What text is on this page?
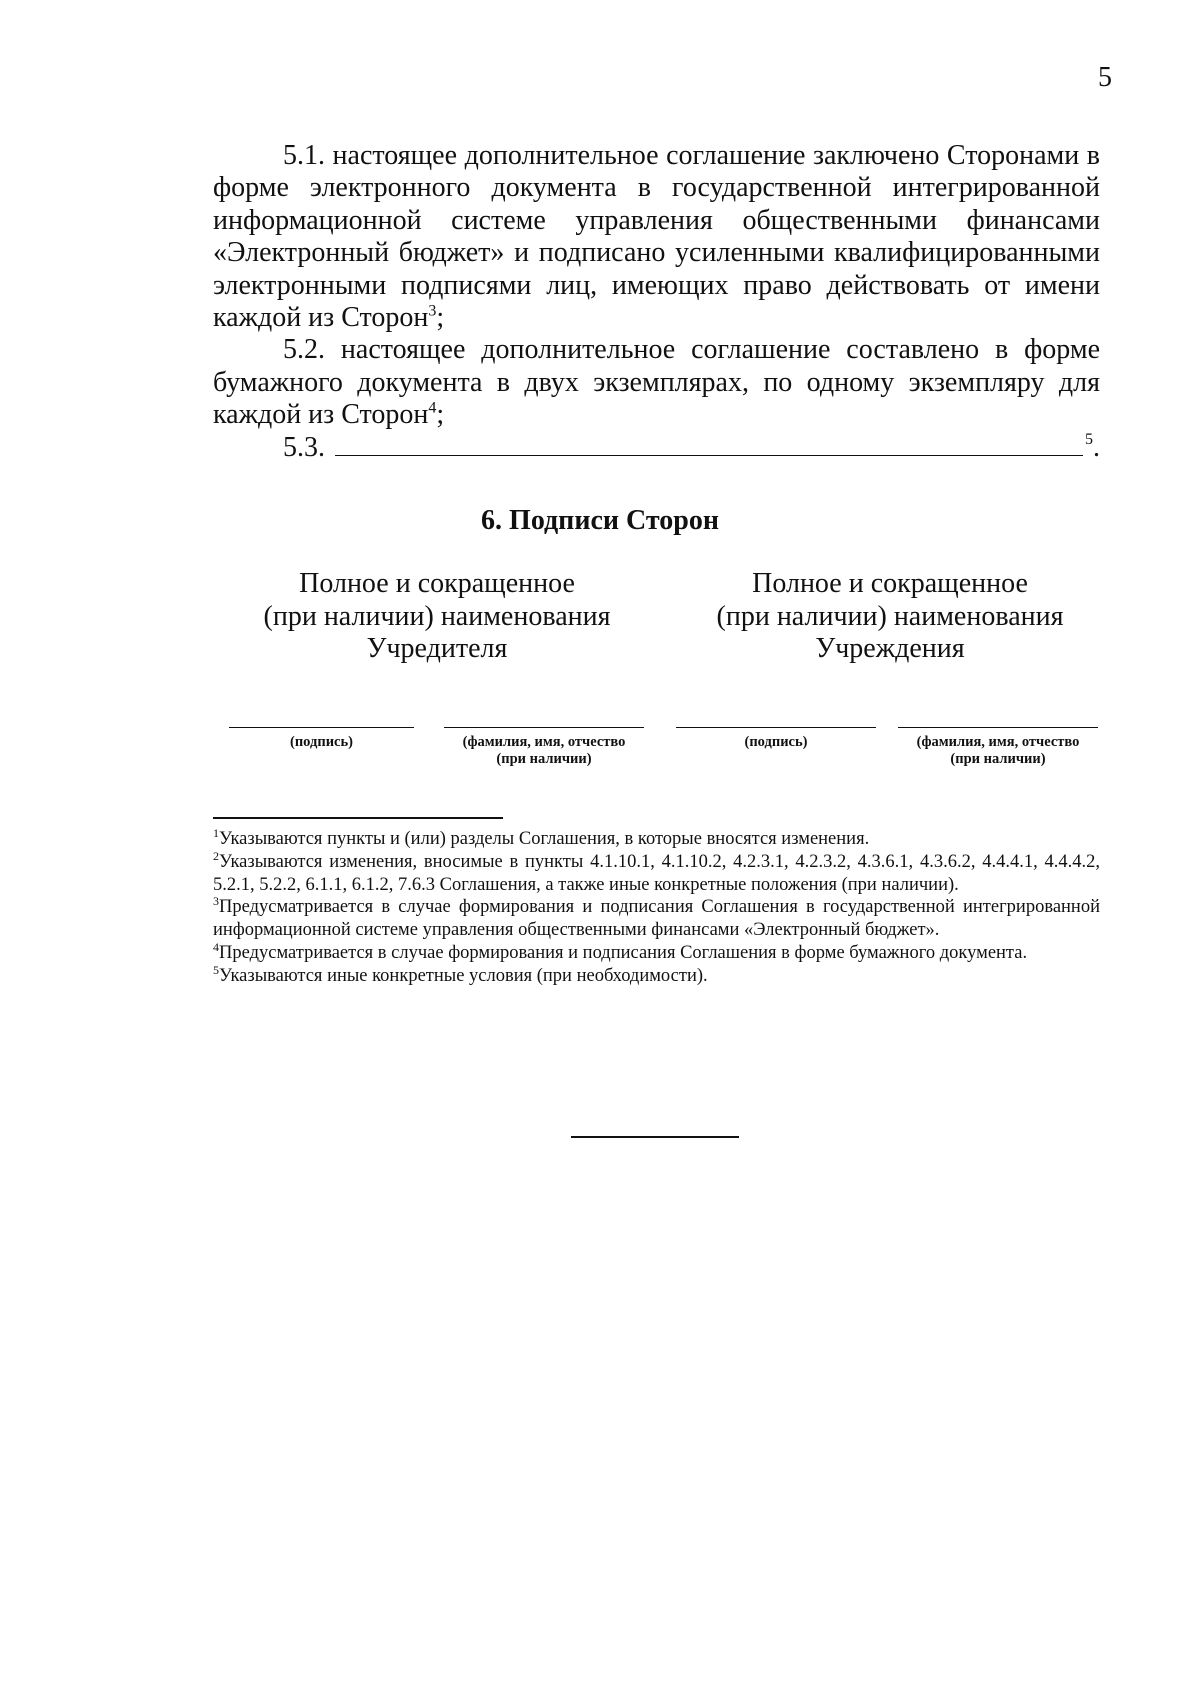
5

5.1. настоящее дополнительное соглашение заключено Сторонами в форме электронного документа в государственной интегрированной информационной системе управления общественными финансами «Электронный бюджет» и подписано усиленными квалифицированными электронными подписями лиц, имеющих право действовать от имени каждой из Сторон$^3$;

5.2. настоящее дополнительное соглашение составлено в форме бумажного документа в двух экземплярах, по одному экземпляру для каждой из Сторон$^4$;

5.3.	5 .

6. Подписи Сторон
Полное и сокращенное
(при наличии) наименования
Учредителя
Полное и сокращенное
(при наличии) наименования
Учреждения
(подпись)	(фамилия, имя, отчество
(при наличии)
(подпись)	(фамилия, имя, отчество
(при наличии)

$^1$Указываются пункты и (или) разделы Соглашения, в которые вносятся изменения.

$^2$Указываются изменения, вносимые в пункты 4.1.10.1, 4.1.10.2, 4.2.3.1, 4.2.3.2, 4.3.6.1, 4.3.6.2, 4.4.4.1, 4.4.4.2, 5.2.1, 5.2.2, 6.1.1, 6.1.2, 7.6.3 Соглашения, а также иные конкретные положения (при наличии).

$^3$Предусматривается в случае формирования и подписания Соглашения в государственной интегрированной информационной системе управления общественными финансами «Электронный бюджет».

$^4$Предусматривается в случае формирования и подписания Соглашения в форме бумажного документа.

$^5$Указываются иные конкретные условия (при необходимости).
